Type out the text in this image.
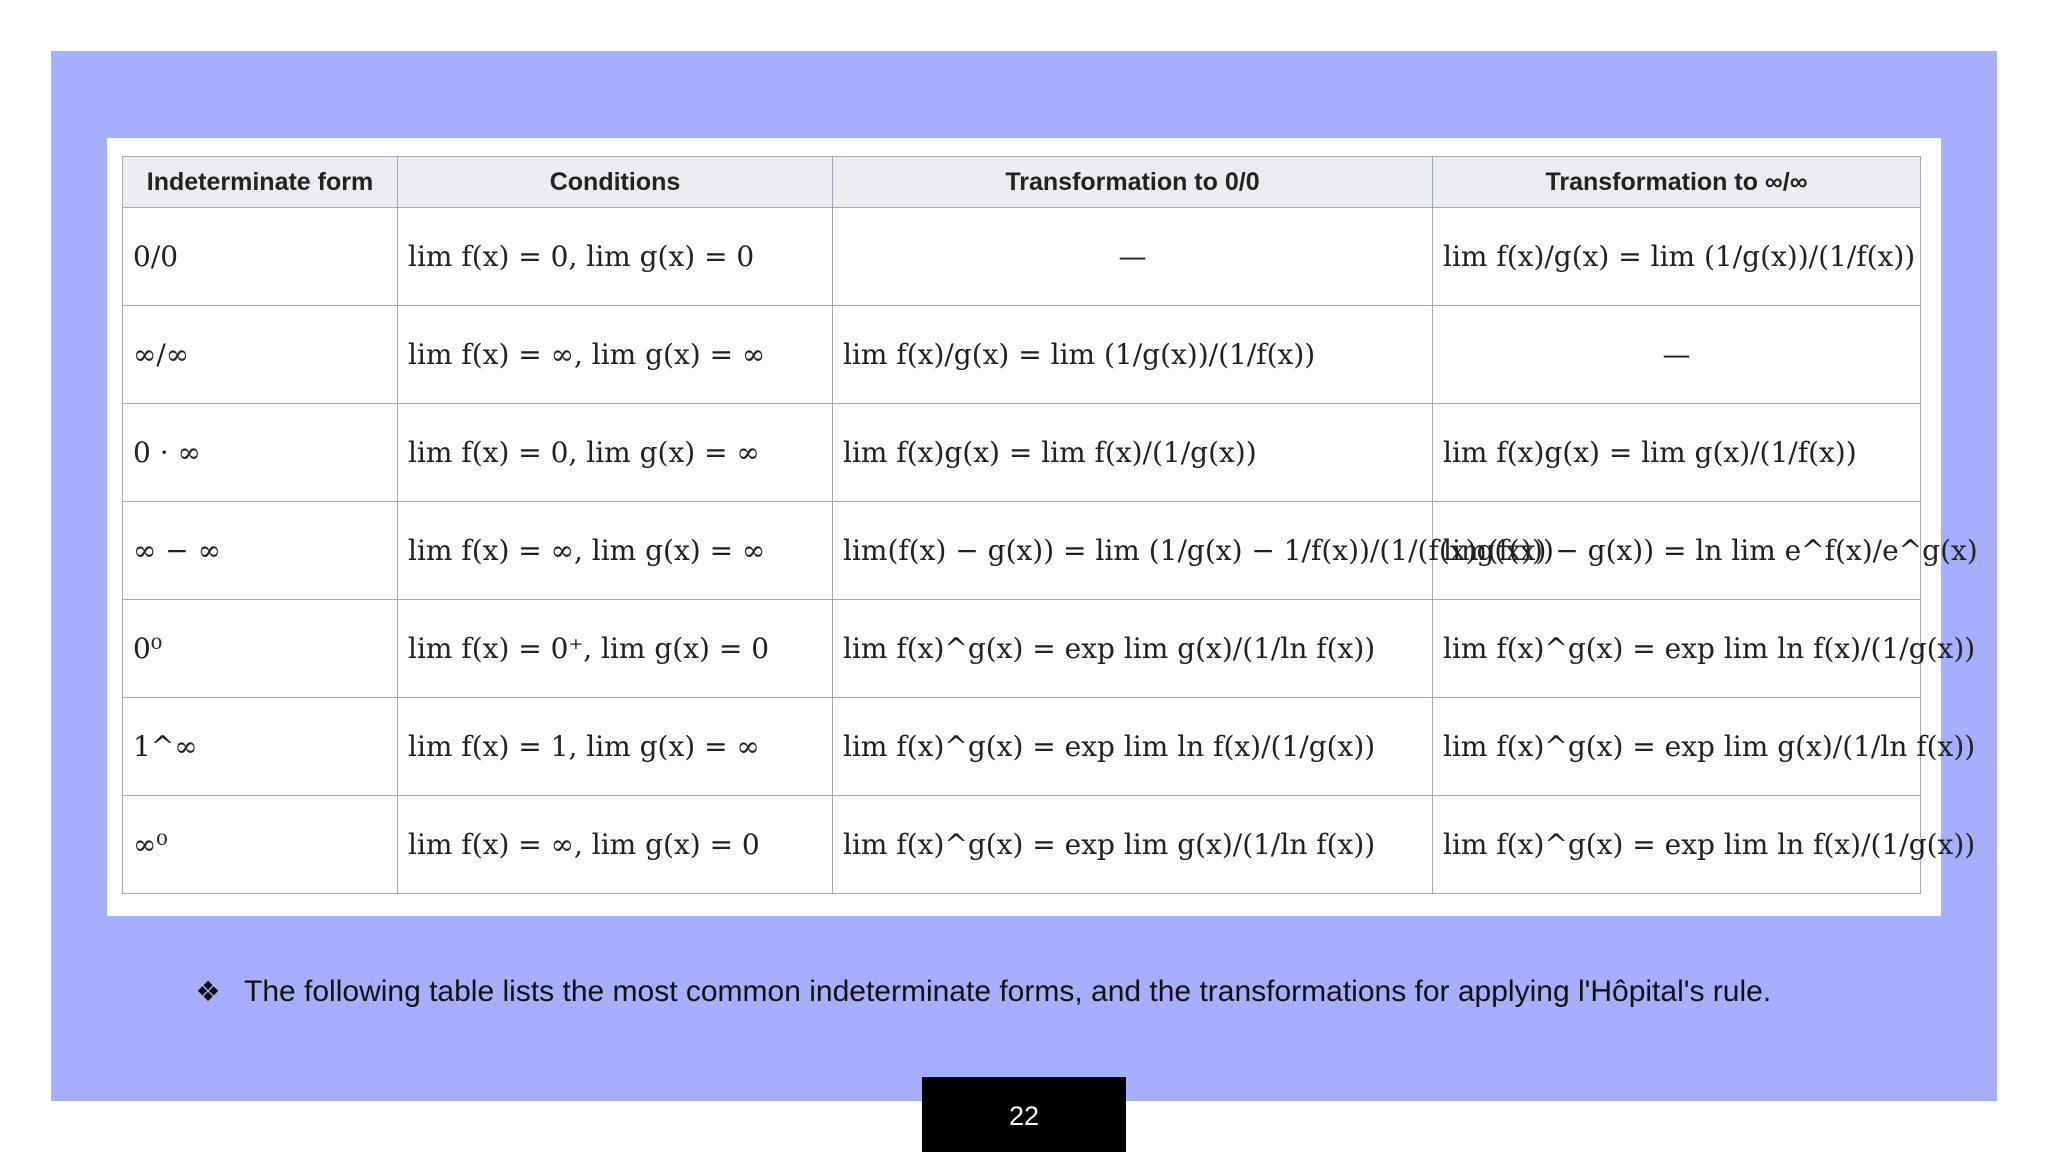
Indeterminate form	Conditions	Transformation to 0/0	Transformation to ∞/∞
0/0	lim f(x) = 0, lim g(x) = 0	—	lim f(x)/g(x) = lim (1/g(x))/(1/f(x))
∞/∞	lim f(x) = ∞, lim g(x) = ∞	lim f(x)/g(x) = lim (1/g(x))/(1/f(x))	—
0 · ∞	lim f(x) = 0, lim g(x) = ∞	lim f(x)g(x) = lim f(x)/(1/g(x))	lim f(x)g(x) = lim g(x)/(1/f(x))
∞ − ∞	lim f(x) = ∞, lim g(x) = ∞	lim(f(x) − g(x)) = lim (1/g(x) − 1/f(x))/(1/(f(x)g(x)))	lim(f(x) − g(x)) = ln lim e^f(x)/e^g(x)
0⁰	lim f(x) = 0⁺, lim g(x) = 0	lim f(x)^g(x) = exp lim g(x)/(1/ln f(x))	lim f(x)^g(x) = exp lim ln f(x)/(1/g(x))
1^∞	lim f(x) = 1, lim g(x) = ∞	lim f(x)^g(x) = exp lim ln f(x)/(1/g(x))	lim f(x)^g(x) = exp lim g(x)/(1/ln f(x))
∞⁰	lim f(x) = ∞, lim g(x) = 0	lim f(x)^g(x) = exp lim g(x)/(1/ln f(x))	lim f(x)^g(x) = exp lim ln f(x)/(1/g(x))
❖ The following table lists the most common indeterminate forms, and the transformations for applying l'Hôpital's rule.
22
